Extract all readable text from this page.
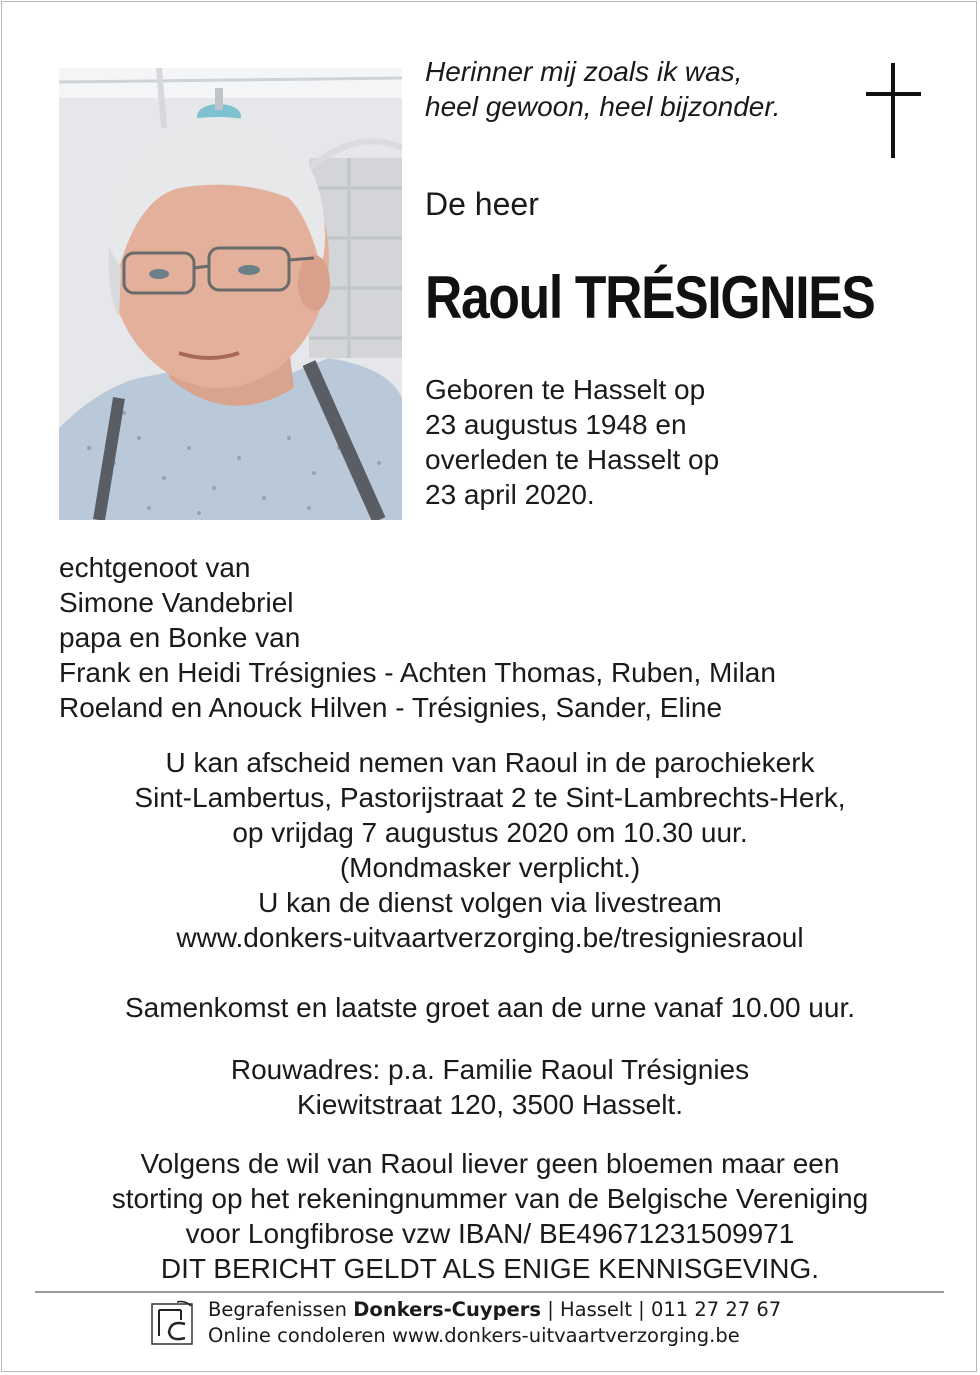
Herinner mij zoals ik was,
heel gewoon, heel bijzonder.
De heer
Raoul TRÉSIGNIES
Geboren te Hasselt op
23 augustus 1948 en
overleden te Hasselt op
23 april 2020.
echtgenoot van
Simone Vandebriel
papa en Bonke van
Frank en Heidi Trésignies - Achten Thomas, Ruben, Milan
Roeland en Anouck Hilven - Trésignies, Sander, Eline
U kan afscheid nemen van Raoul in de parochiekerk
Sint-Lambertus, Pastorijstraat 2 te Sint-Lambrechts-Herk,
op vrijdag 7 augustus 2020 om 10.30 uur.
(Mondmasker verplicht.)
U kan de dienst volgen via livestream
www.donkers-uitvaartverzorging.be/tresigniesraoul
Samenkomst en laatste groet aan de urne vanaf 10.00 uur.
Rouwadres: p.a. Familie Raoul Trésignies
Kiewitstraat 120, 3500 Hasselt.
Volgens de wil van Raoul liever geen bloemen maar een
storting op het rekeningnummer van de Belgische Vereniging
voor Longfibrose vzw IBAN/ BE49671231509971
DIT BERICHT GELDT ALS ENIGE KENNISGEVING.
Begrafenissen Donkers-Cuypers | Hasselt | 011 27 27 67
Online condoleren www.donkers-uitvaartverzorging.be
